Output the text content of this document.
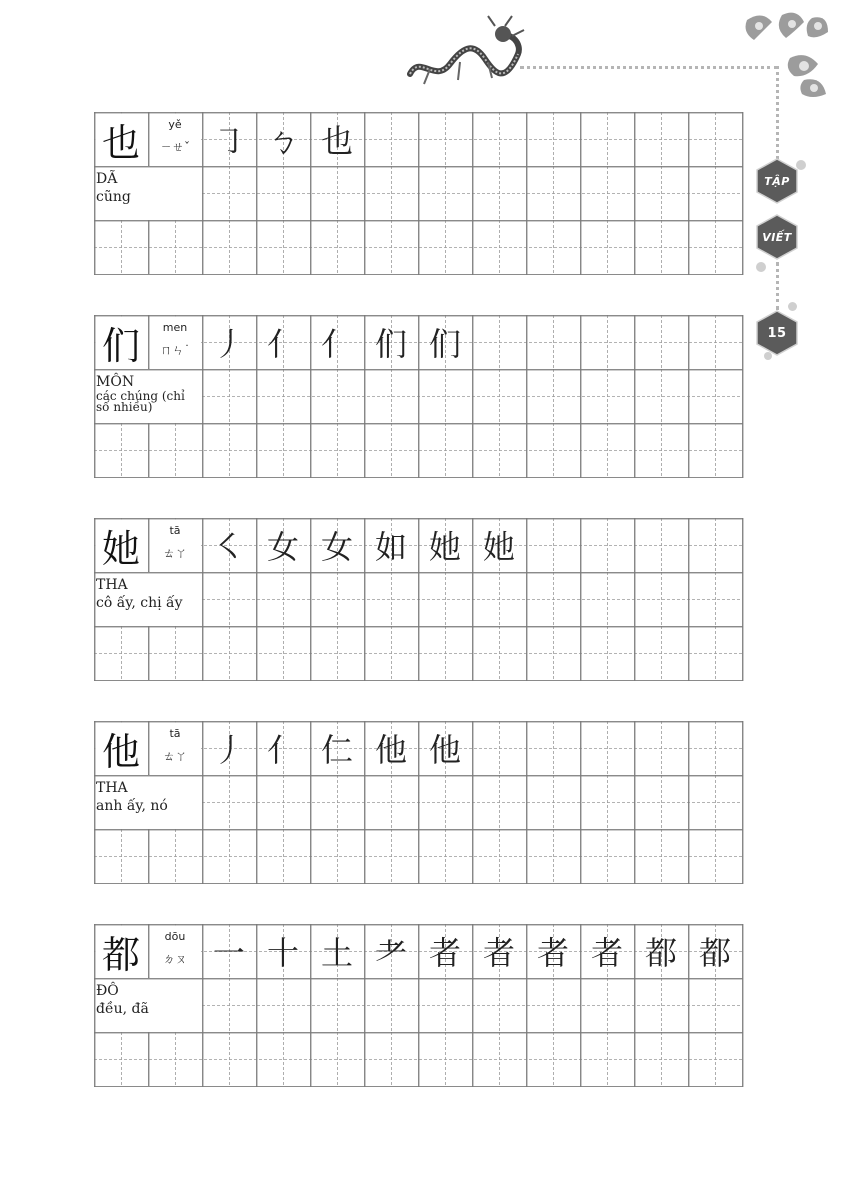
TẬP
VIẾT
15
也	yě
ㄧㄝˇ ㇆ ㄅ 也
DÃ
cũng
们	men
ㄇㄣ˙ 丿 亻 亻 们 们
MÔN
các chúng (chỉ số nhiều)
她	tā
ㄊㄚ ㇛ 女 女 如 她 她
THA
cô ấy, chị ấy
他	tā
ㄊㄚ 丿 亻 仁 他 他
THA
anh ấy, nó
都	dōu
ㄉㄡ 一 十 土 耂 者 者 者 者 都 都
ĐÔ
đều, đã
